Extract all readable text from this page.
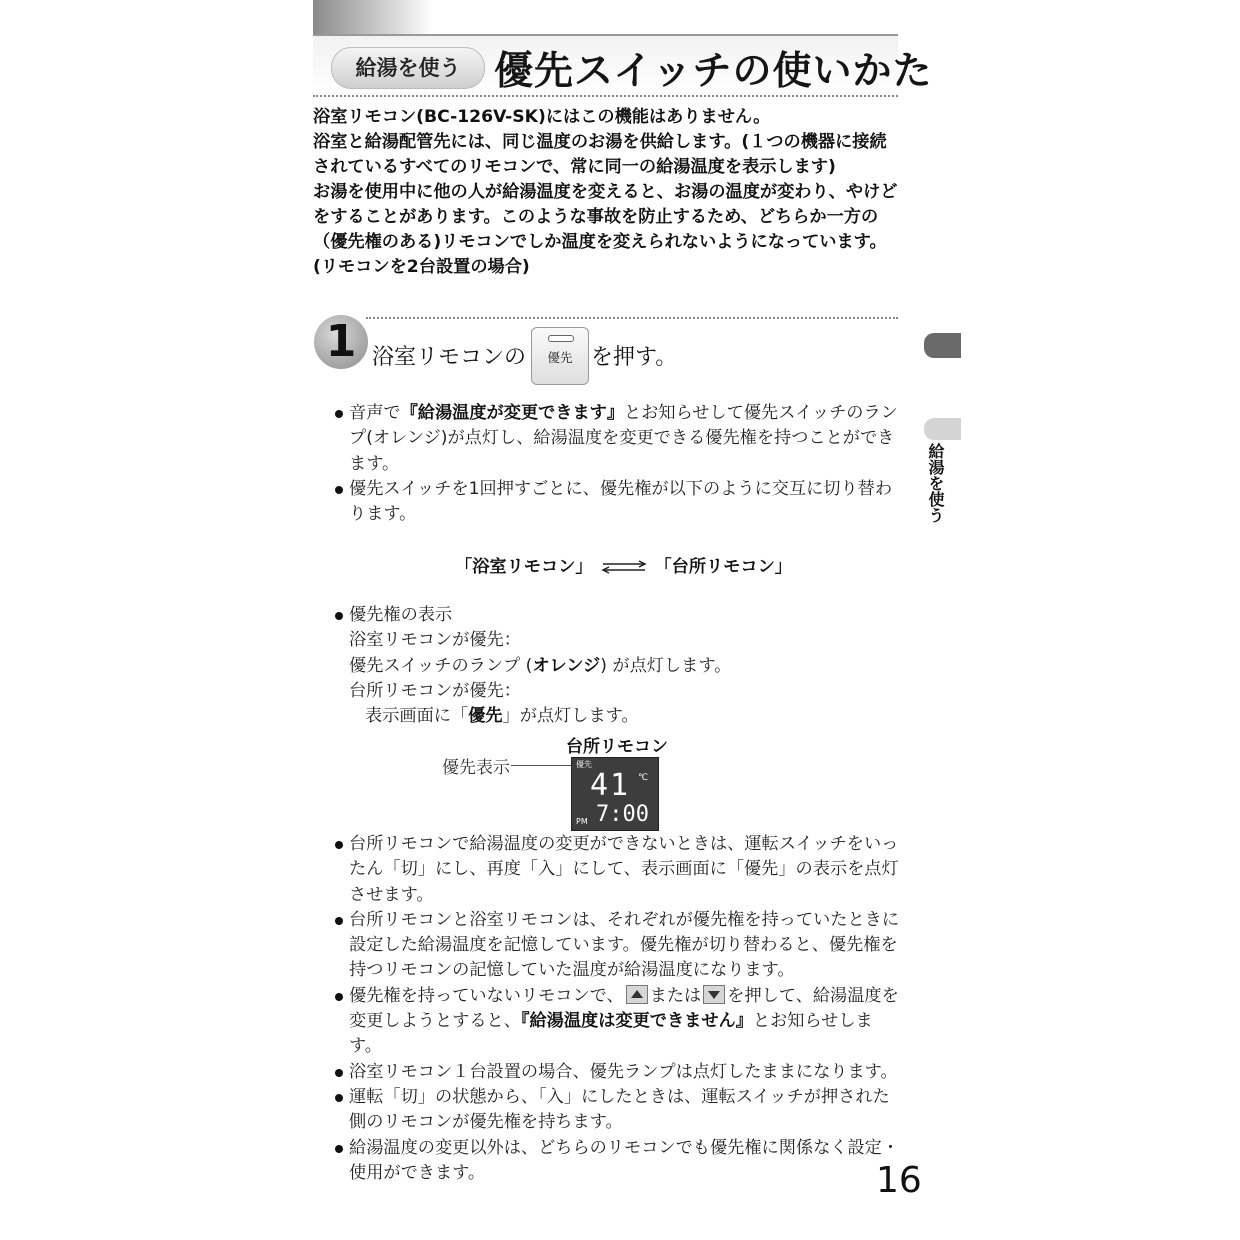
給湯を使う 優先スイッチの使いかた

浴室リモコン(BC-126V-SK)にはこの機能はありません。

浴室と給湯配管先には、同じ温度のお湯を供給します。(１つの機器に接続されているすべてのリモコンで、常に同一の給湯温度を表示します)

お湯を使用中に他の人が給湯温度を変えると、お湯の温度が変わり、やけどをすることがあります。このような事故を防止するため、どちらか一方の（優先権のある)リモコンでしか温度を変えられないようになっています。(リモコンを2台設置の場合)

1 浴室リモコンの	優先 を押す。

音声で『給湯温度が変更できます』とお知らせして優先スイッチのランプ(オレンジ)が点灯し、給湯温度を変更できる優先権を持つことができます。

優先スイッチを1回押すごとに、優先権が以下のように交互に切り替わります。

「浴室リモコン」	「台所リモコン」

優先権の表示

浴室リモコンが優先：

優先スイッチのランプ (オレンジ) が点灯します。

台所リモコンが優先：

表示画面に「優先」が点灯します。

台所リモコン
優先表示	優先
41 ℃
PM 7:00

台所リモコンで給湯温度の変更ができないときは、運転スイッチをいったん「切」にし、再度「入」にして、表示画面に「優先」の表示を点灯させます。

台所リモコンと浴室リモコンは、それぞれが優先権を持っていたときに設定した給湯温度を記憶しています。優先権が切り替わると、優先権を持つリモコンの記憶していた温度が給湯温度になります。

優先権を持っていないリモコンで、 または を押して、給湯温度を変更しようとすると、『給湯温度は変更できません』とお知らせします。

浴室リモコン１台設置の場合、優先ランプは点灯したままになります。

運転「切」の状態から、「入」にしたときは、運転スイッチが押された側のリモコンが優先権を持ちます。

給湯温度の変更以外は、どちらのリモコンでも優先権に関係なく設定・使用ができます。

給湯を使う
16
